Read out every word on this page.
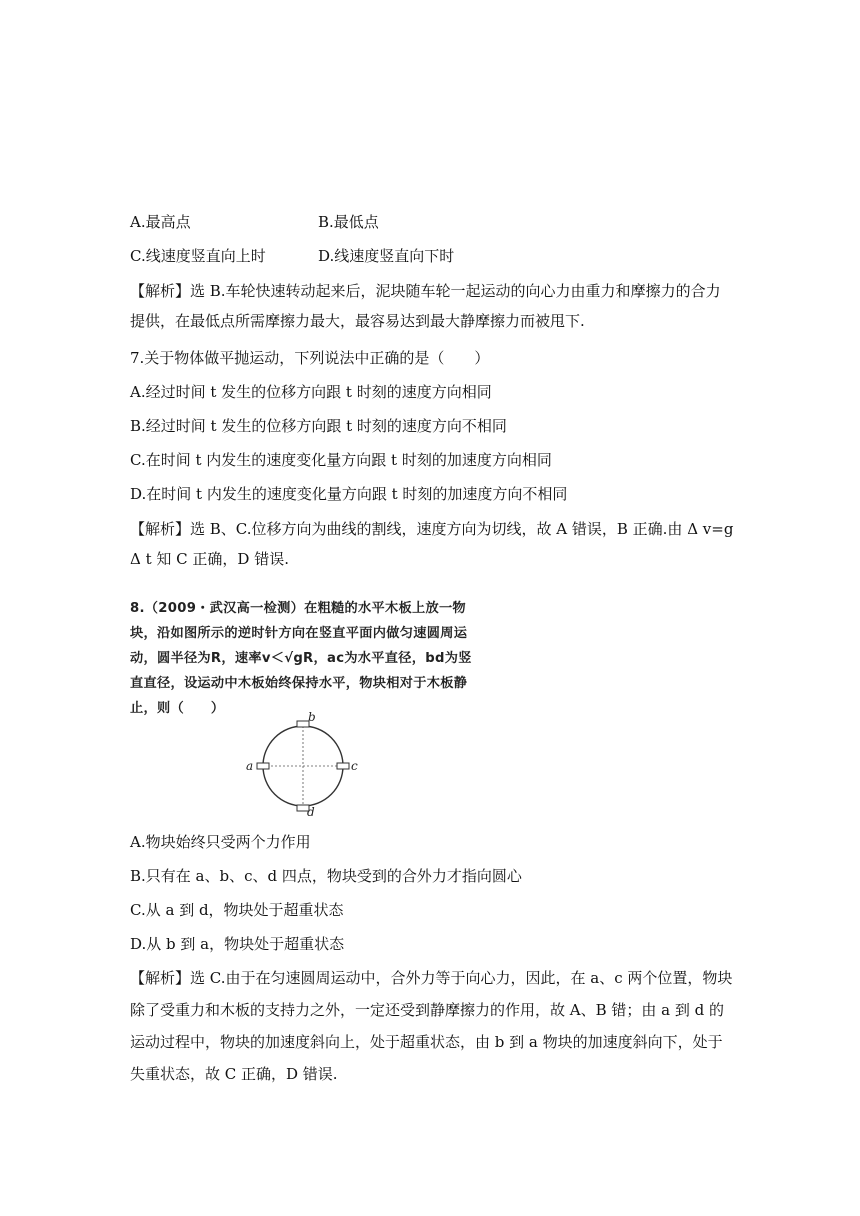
A.最高点	B.最低点
C.线速度竖直向上时	D.线速度竖直向下时
【解析】选 B.车轮快速转动起来后，泥块随车轮一起运动的向心力由重力和摩擦力的合力提供，在最低点所需摩擦力最大，最容易达到最大静摩擦力而被甩下.
7.关于物体做平抛运动，下列说法中正确的是（　　）
A.经过时间 t 发生的位移方向跟 t 时刻的速度方向相同
B.经过时间 t 发生的位移方向跟 t 时刻的速度方向不相同
C.在时间 t 内发生的速度变化量方向跟 t 时刻的加速度方向相同
D.在时间 t 内发生的速度变化量方向跟 t 时刻的加速度方向不相同
【解析】选 B、C.位移方向为曲线的割线，速度方向为切线，故 A 错误，B 正确.由 Δ v=g Δ t 知 C 正确，D 错误.
8.（2009・武汉高一检测）在粗糙的水平木板上放一物块，沿如图所示的逆时针方向在竖直平面内做匀速圆周运动，圆半径为R，速率v＜√gR，ac为水平直径，bd为竖直直径，设运动中木板始终保持水平，物块相对于木板静止，则（　　）
b
a	c
d
A.物块始终只受两个力作用
B.只有在 a、b、c、d 四点，物块受到的合外力才指向圆心
C.从 a 到 d，物块处于超重状态
D.从 b 到 a，物块处于超重状态
【解析】选 C.由于在匀速圆周运动中，合外力等于向心力，因此，在 a、c 两个位置，物块除了受重力和木板的支持力之外，一定还受到静摩擦力的作用，故 A、B 错；由 a 到 d 的运动过程中，物块的加速度斜向上，处于超重状态，由 b 到 a 物块的加速度斜向下，处于失重状态，故 C 正确，D 错误.
